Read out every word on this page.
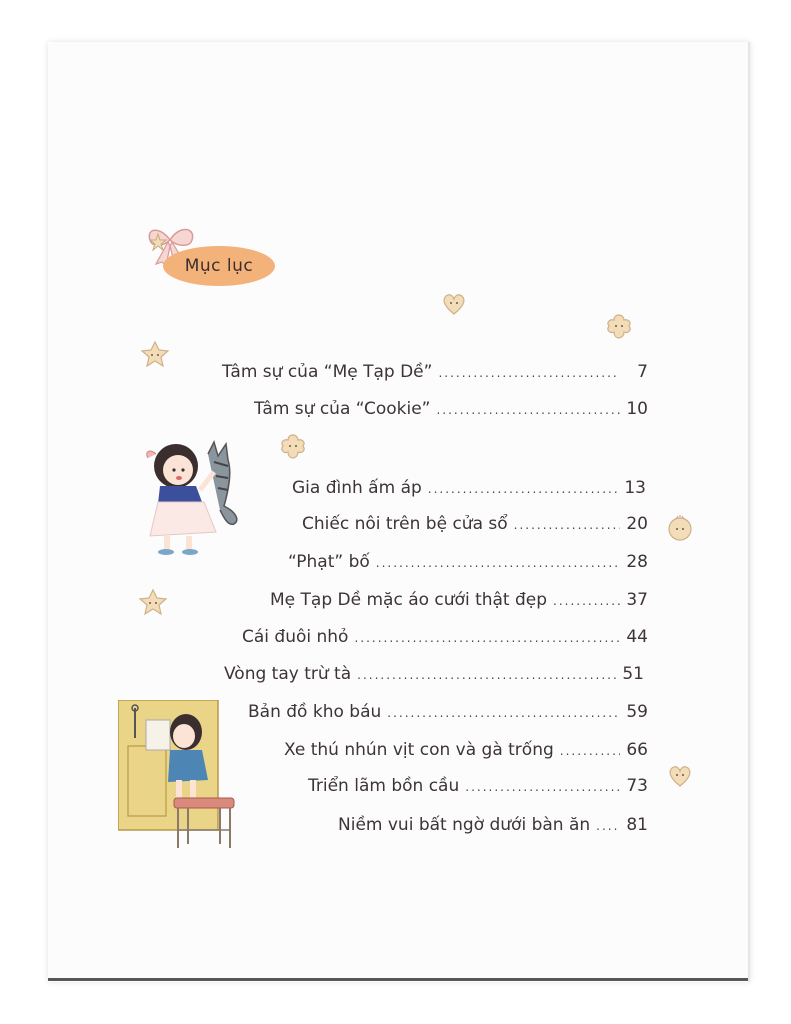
Mục lục
Tâm sự của “Mẹ Tạp Dề” .....	7
Tâm sự của “Cookie” .....	10
Gia đình ấm áp .....	13
Chiếc nôi trên bệ cửa sổ .....	20
“Phạt” bố .....	28
Mẹ Tạp Dề mặc áo cưới thật đẹp .....	37
Cái đuôi nhỏ .....	44
Vòng tay trừ tà .....	51
Bản đồ kho báu .....	59
Xe thú nhún vịt con và gà trống .....	66
Triển lãm bồn cầu .....	73
Niềm vui bất ngờ dưới bàn ăn .....	81
